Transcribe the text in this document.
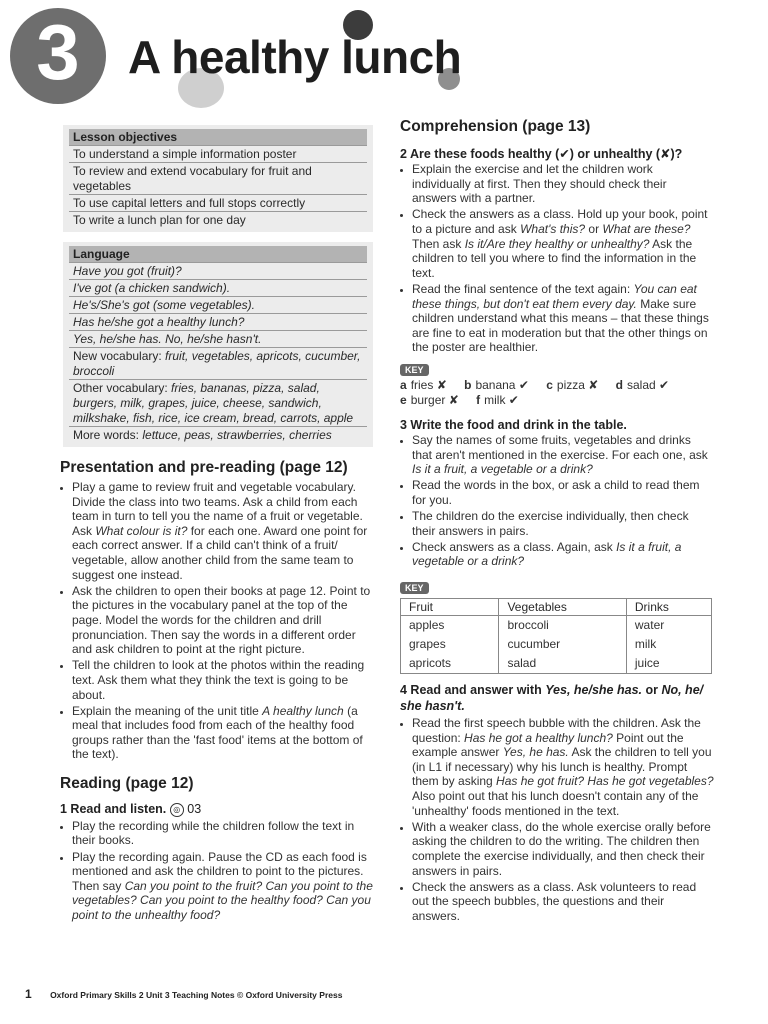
3	A healthy lunch
Lesson objectives
To understand a simple information poster
To review and extend vocabulary for fruit and vegetables
To use capital letters and full stops correctly
To write a lunch plan for one day
Language
Have you got (fruit)?
I've got (a chicken sandwich).
He's/She's got (some vegetables).
Has he/she got a healthy lunch?
Yes, he/she has. No, he/she hasn't.
New vocabulary: fruit, vegetables, apricots, cucumber, broccoli
Other vocabulary: fries, bananas, pizza, salad, burgers, milk, grapes, juice, cheese, sandwich, milkshake, fish, rice, ice cream, bread, carrots, apple
More words: lettuce, peas, strawberries, cherries
Presentation and pre-reading (page 12)
• Play a game to review fruit and vegetable vocabulary. Divide the class into two teams. Ask a child from each team in turn to tell you the name of a fruit or vegetable. Ask What colour is it? for each one. Award one point for each correct answer. If a child can't think of a fruit/ vegetable, allow another child from the same team to suggest one instead.
• Ask the children to open their books at page 12. Point to the pictures in the vocabulary panel at the top of the page. Model the words for the children and drill pronunciation. Then say the words in a different order and ask children to point at the right picture.
• Tell the children to look at the photos within the reading text. Ask them what they think the text is going to be about.
• Explain the meaning of the unit title A healthy lunch (a meal that includes food from each of the healthy food groups rather than the 'fast food' items at the bottom of the text).
Reading (page 12)
1 Read and listen. ◎ 03
• Play the recording while the children follow the text in their books.
• Play the recording again. Pause the CD as each food is mentioned and ask the children to point to the pictures. Then say Can you point to the fruit? Can you point to the vegetables? Can you point to the healthy food? Can you point to the unhealthy food?
Comprehension (page 13)
2 Are these foods healthy (✔) or unhealthy (✘)?
• Explain the exercise and let the children work individually at first. Then they should check their answers with a partner.
• Check the answers as a class. Hold up your book, point to a picture and ask What's this? or What are these? Then ask Is it/Are they healthy or unhealthy? Ask the children to tell you where to find the information in the text.
• Read the final sentence of the text again: You can eat these things, but don't eat them every day. Make sure children understand what this means – that these things are fine to eat in moderation but that the other things on the poster are healthier.
KEY
a fries ✘ b banana ✔ c pizza ✘ d salad ✔
e burger ✘ f milk ✔
3 Write the food and drink in the table.
• Say the names of some fruits, vegetables and drinks that aren't mentioned in the exercise. For each one, ask Is it a fruit, a vegetable or a drink?
• Read the words in the box, or ask a child to read them for you.
• The children do the exercise individually, then check their answers in pairs.
• Check answers as a class. Again, ask Is it a fruit, a vegetable or a drink?
KEY
Fruit	Vegetables	Drinks
apples	broccoli	water
grapes	cucumber	milk
apricots	salad	juice
4 Read and answer with Yes, he/she has. or No, he/ she hasn't.
• Read the first speech bubble with the children. Ask the question: Has he got a healthy lunch? Point out the example answer Yes, he has. Ask the children to tell you (in L1 if necessary) why his lunch is healthy. Prompt them by asking Has he got fruit? Has he got vegetables? Also point out that his lunch doesn't contain any of the 'unhealthy' foods mentioned in the text.
• With a weaker class, do the whole exercise orally before asking the children to do the writing. The children then complete the exercise individually, and then check their answers in pairs.
• Check the answers as a class. Ask volunteers to read out the speech bubbles, the questions and their answers.
1 Oxford Primary Skills 2 Unit 3 Teaching Notes © Oxford University Press
